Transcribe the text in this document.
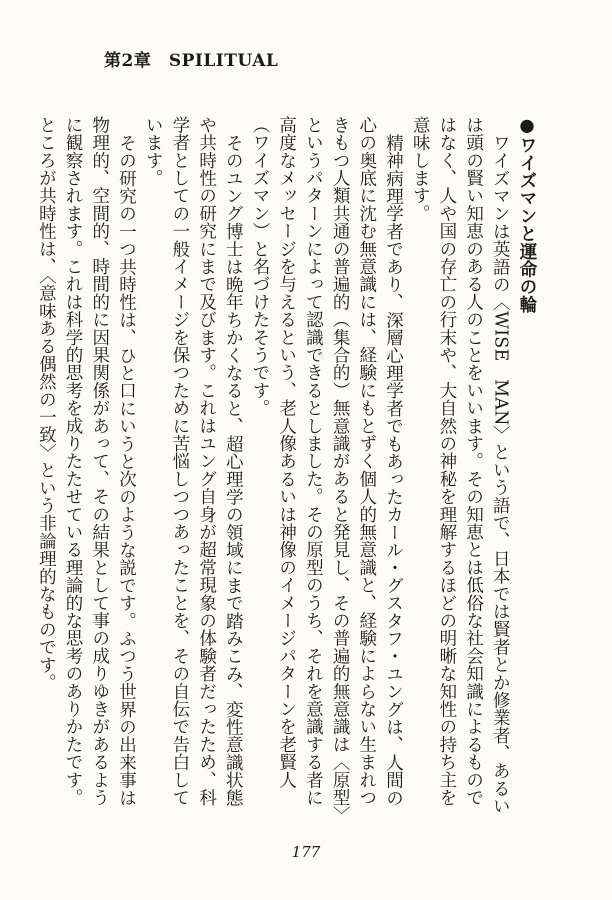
第2章　SPILITUAL

●ワイズマンと運命の輪

ワイズマンは英語の〈WISE　MAN〉という語で、日本では賢者とか修業者、あるいは頭の賢い知恵のある人のことをいいます。その知恵とは低俗な社会知識によるものではなく、人や国の存亡の行末や、大自然の神秘を理解するほどの明晰な知性の持ち主を意味します。

精神病理学者であり、深層心理学者でもあったカール・グスタフ・ユングは、人間の心の奥底に沈む無意識には、経験にもとずく個人的無意識と、経験によらない生まれつきもつ人類共通の普遍的（集合的）無意識があると発見し、その普遍的無意識は〈原型〉というパターンによって認識できるとしました。その原型のうち、それを意識する者に高度なメッセージを与えるという、老人像あるいは神像のイメージパターンを老賢人（ワイズマン）と名づけたそうです。

そのユング博士は晩年ちかくなると、超心理学の領域にまで踏みこみ、変性意識状態や共時性の研究にまで及びます。これはユング自身が超常現象の体験者だったため、科学者としての一般イメージを保つために苦悩しつつあったことを、その自伝で告白しています。

その研究の一つ共時性は、ひと口にいうと次のような説です。ふつう世界の出来事は物理的、空間的、時間的に因果関係があって、その結果として事の成りゆきがあるように観察されます。これは科学的思考を成りたたせている理論的な思考のありかたです。ところが共時性は、〈意味ある偶然の一致〉という非論理的なものです。

177
